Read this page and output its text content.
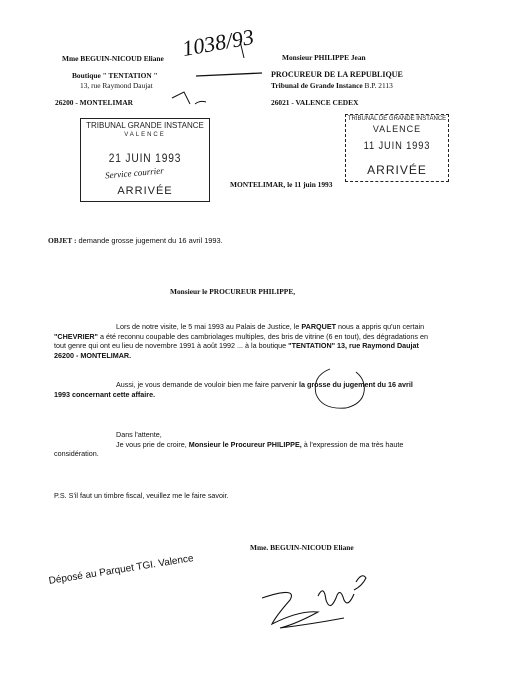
1038/93
Mme BEGUIN-NICOUD Eliane
Boutique " TENTATION "
13, rue Raymond Daujat
26200 - MONTELIMAR
Monsieur PHILIPPE Jean
PROCUREUR DE LA REPUBLIQUE
Tribunal de Grande Instance B.P. 2113
26021 - VALENCE CEDEX
TRIBUNAL GRANDE INSTANCE
VALENCE
21 JUIN 1993
Service courrier
ARRIVÉE
TRIBUNAL DE GRANDE INSTANCE
VALENCE
11 JUIN 1993
ARRIVÉE
MONTELIMAR, le 11 juin 1993
OBJET : demande grosse jugement du 16 avril 1993.
Monsieur le PROCUREUR PHILIPPE,
Lors de notre visite, le 5 mai 1993 au Palais de Justice, le PARQUET nous a appris qu'un certain "CHEVRIER" a été reconnu coupable des cambriolages multiples, des bris de vitrine (6 en tout), des dégradations en tout genre qui ont eu lieu de novembre 1991 à août 1992 ... à la boutique "TENTATION" 13, rue Raymond Daujat 26200 - MONTELIMAR.
Aussi, je vous demande de vouloir bien me faire parvenir la grosse du jugement du 16 avril 1993 concernant cette affaire.
Dans l'attente,
Je vous prie de croire, Monsieur le Procureur PHILIPPE, à l'expression de ma très haute considération.
P.S. S'il faut un timbre fiscal, veuillez me le faire savoir.
Mme. BEGUIN-NICOUD Eliane
Déposé au Parquet TGI. Valence
